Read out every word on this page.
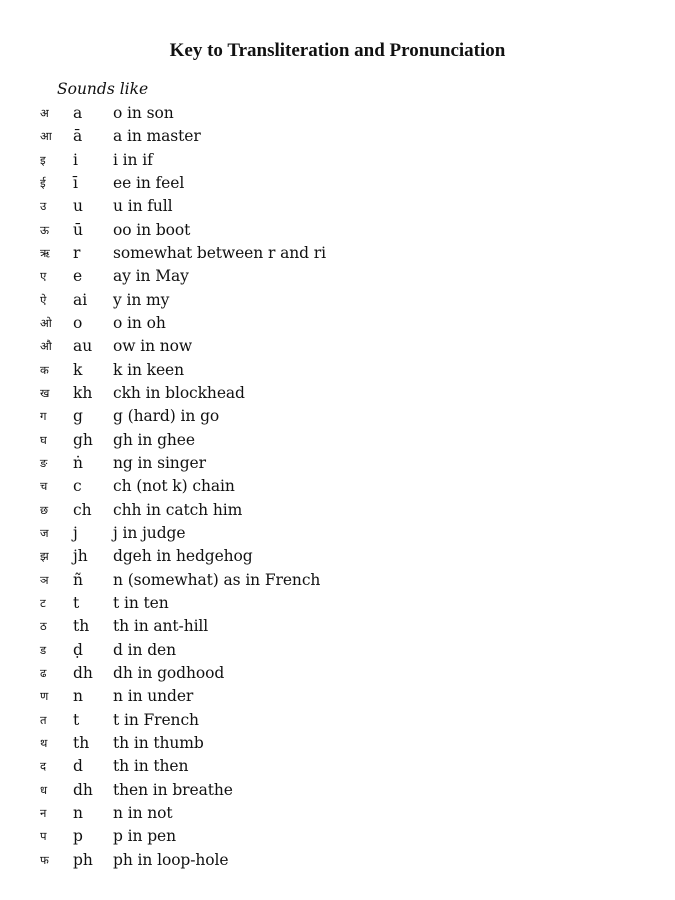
Key to Transliteration and Pronunciation
Sounds like
अ a o in son
आ ā a in master
इ i i in if
ई ī ee in feel
उ u u in full
ऊ ū oo in boot
ऋ r somewhat between r and ri
ए e ay in May
ऐ ai y in my
ओ o o in oh
औ au ow in now
क k k in keen
ख kh ckh in blockhead
ग g g (hard) in go
घ gh gh in ghee
ङ ṅ ng in singer
च c ch (not k) chain
छ ch chh in catch him
ज j j in judge
झ jh dgeh in hedgehog
ञ ñ n (somewhat) as in French
ट t t in ten
ठ th th in ant-hill
ड ḍ d in den
ढ dh dh in godhood
ण n n in under
त t t in French
थ th th in thumb
द d th in then
ध dh then in breathe
न n n in not
प p p in pen
फ ph ph in loop-hole
